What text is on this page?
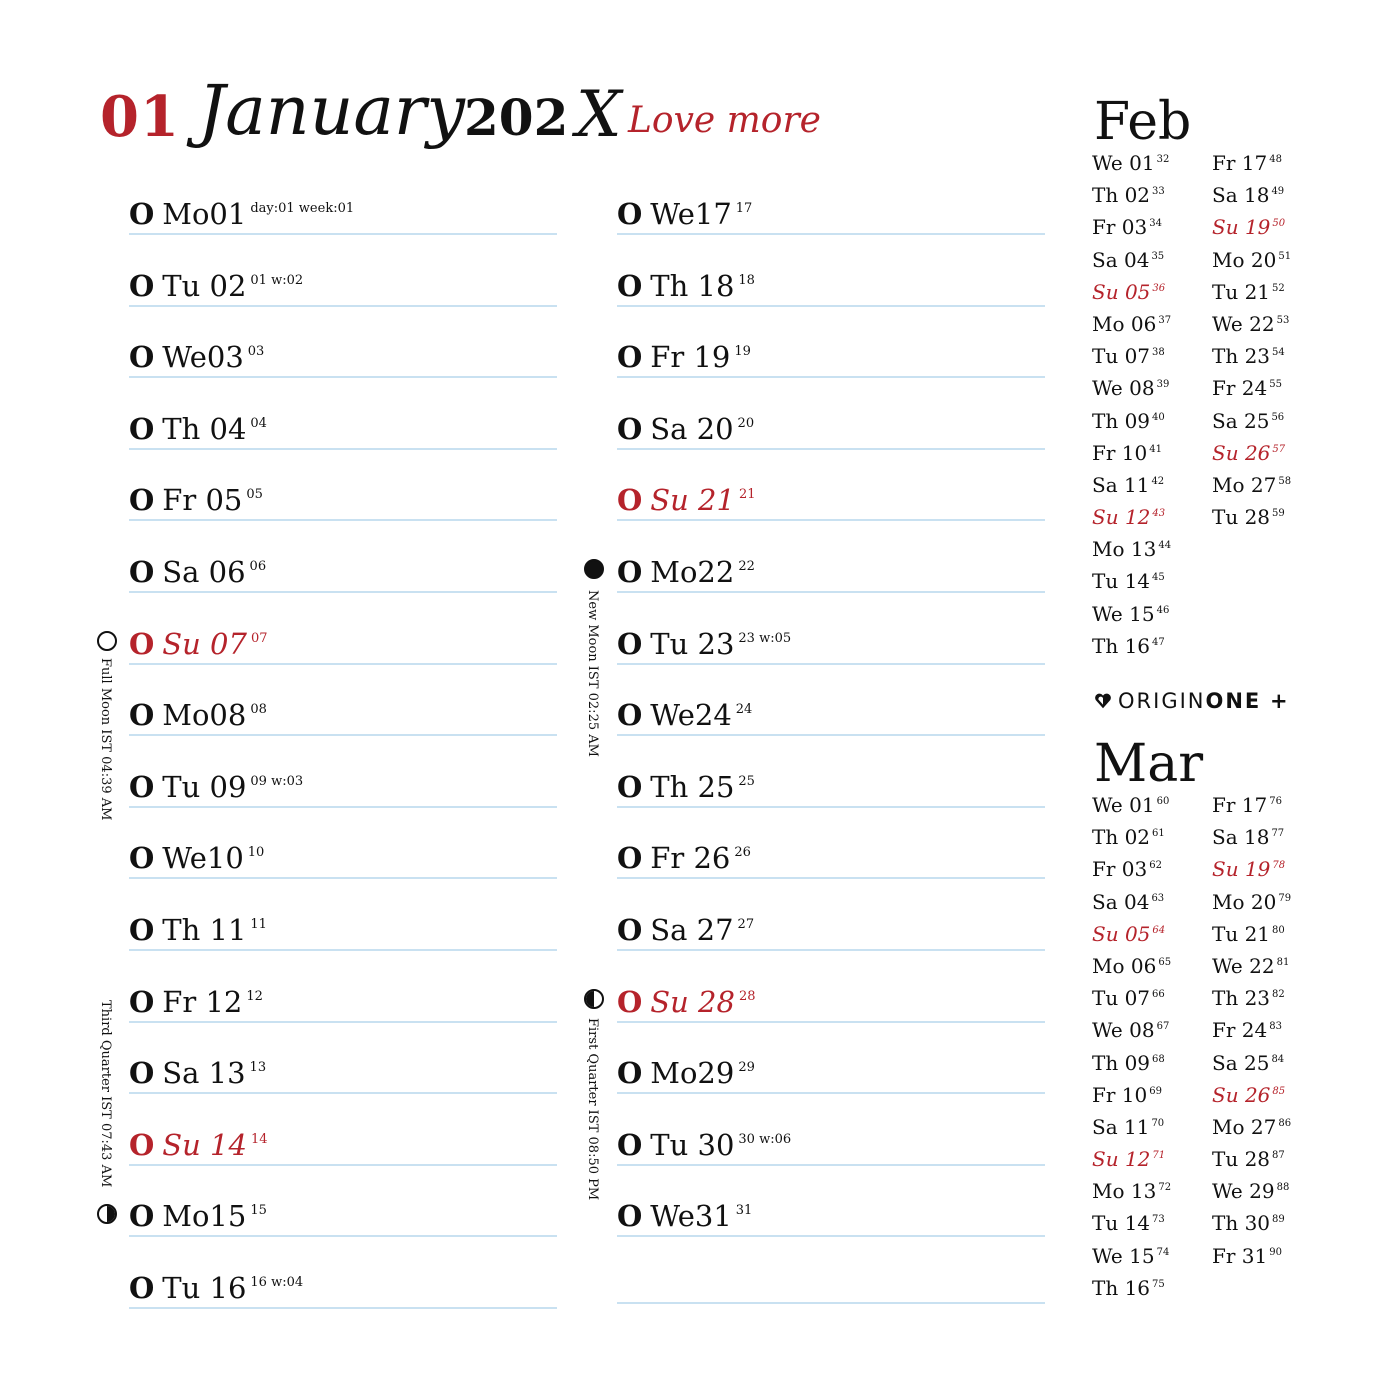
01 January 202 X Love more
O Mo01 $^{day:01 week:01}$
O Tu 02 $^{01 w:02}$
O We03 $^{03}$
O Th 04 $^{04}$
O Fr 05 $^{05}$
O Sa 06 $^{06}$
O Su 07 $^{07}$
O Mo08 $^{08}$
O Tu 09 $^{09 w:03}$
O We10 $^{10}$
O Th 11 $^{11}$
O Fr 12 $^{12}$
O Sa 13 $^{13}$
O Su 14 $^{14}$
O Mo15 $^{15}$
O Tu 16 $^{16 w:04}$
O We17 $^{17}$
O Th 18 $^{18}$
O Fr 19 $^{19}$
O Sa 20 $^{20}$
O Su 21 $^{21}$
O Mo22 $^{22}$
O Tu 23 $^{23 w:05}$
O We24 $^{24}$
O Th 25 $^{25}$
O Fr 26 $^{26}$
O Sa 27 $^{27}$
O Su 28 $^{28}$
O Mo29 $^{29}$
O Tu 30 $^{30 w:06}$
O We31 $^{31}$
Full Moon IST 04:39 AM
Third Quarter IST 07:43 AM
New Moon IST 02:25 AM
First Quarter IST 08:50 PM
Feb
We 01 $^{32}$
Th 02 $^{33}$
Fr 03 $^{34}$
Sa 04 $^{35}$
Su 05 $^{36}$
Mo 06 $^{37}$
Tu 07 $^{38}$
We 08 $^{39}$
Th 09 $^{40}$
Fr 10 $^{41}$
Sa 11 $^{42}$
Su 12 $^{43}$
Mo 13 $^{44}$
Tu 14 $^{45}$
We 15 $^{46}$
Th 16 $^{47}$
Fr 17 $^{48}$
Sa 18 $^{49}$
Su 19 $^{50}$
Mo 20 $^{51}$
Tu 21 $^{52}$
We 22 $^{53}$
Th 23 $^{54}$
Fr 24 $^{55}$
Sa 25 $^{56}$
Su 26 $^{57}$
Mo 27 $^{58}$
Tu 28 $^{59}$
ORIGINONE +
Mar
We 01 $^{60}$
Th 02 $^{61}$
Fr 03 $^{62}$
Sa 04 $^{63}$
Su 05 $^{64}$
Mo 06 $^{65}$
Tu 07 $^{66}$
We 08 $^{67}$
Th 09 $^{68}$
Fr 10 $^{69}$
Sa 11 $^{70}$
Su 12 $^{71}$
Mo 13 $^{72}$
Tu 14 $^{73}$
We 15 $^{74}$
Th 16 $^{75}$
Fr 17 $^{76}$
Sa 18 $^{77}$
Su 19 $^{78}$
Mo 20 $^{79}$
Tu 21 $^{80}$
We 22 $^{81}$
Th 23 $^{82}$
Fr 24 $^{83}$
Sa 25 $^{84}$
Su 26 $^{85}$
Mo 27 $^{86}$
Tu 28 $^{87}$
We 29 $^{88}$
Th 30 $^{89}$
Fr 31 $^{90}$
